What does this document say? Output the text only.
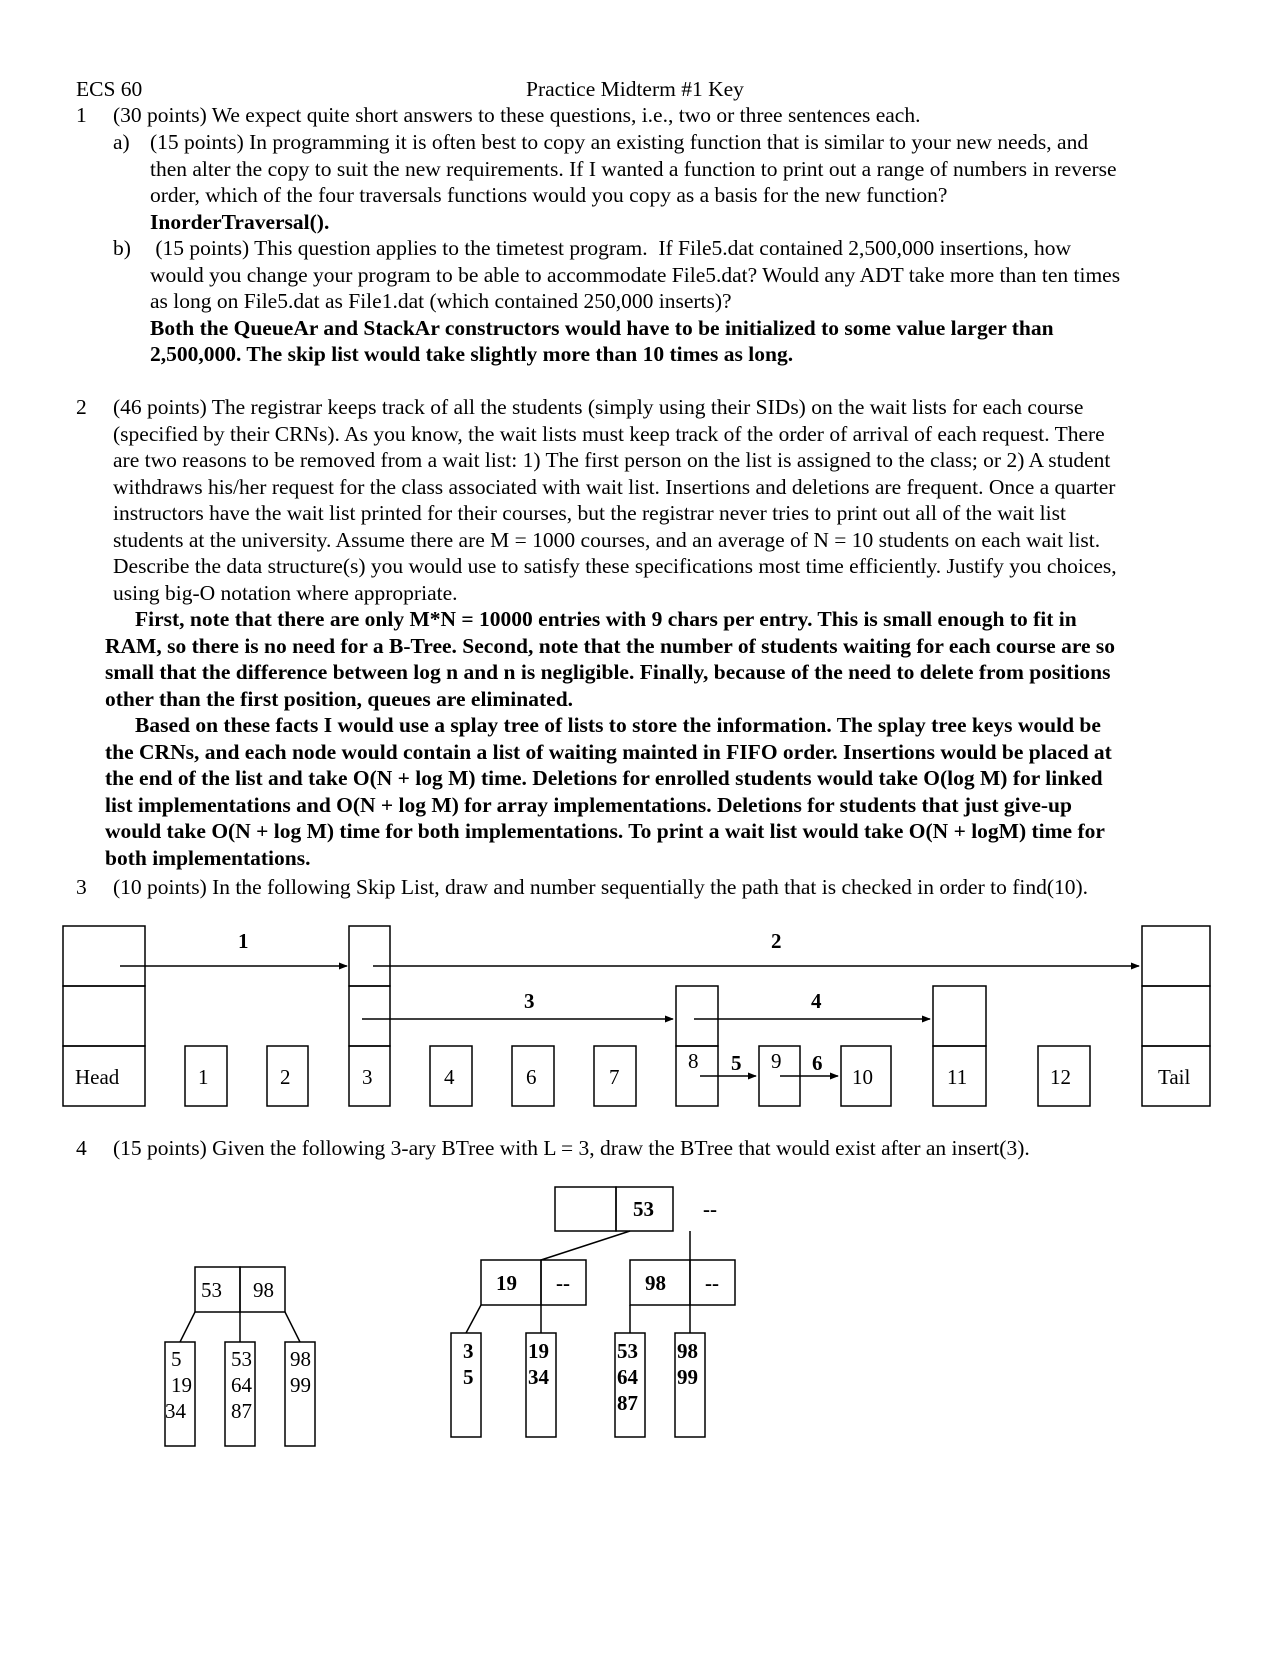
ECS 60	Practice Midterm #1 Key
1 (30 points) We expect quite short answers to these questions, i.e., two or three sentences each.
a) (15 points) In programming it is often best to copy an existing function that is similar to your new needs, and
then alter the copy to suit the new requirements. If I wanted a function to print out a range of numbers in reverse
order, which of the four traversals functions would you copy as a basis for the new function?
InorderTraversal().
b) (15 points) This question applies to the timetest program.  If File5.dat contained 2,500,000 insertions, how
would you change your program to be able to accommodate File5.dat? Would any ADT take more than ten times
as long on File5.dat as File1.dat (which contained 250,000 inserts)?
Both the QueueAr and StackAr constructors would have to be initialized to some value larger than
2,500,000. The skip list would take slightly more than 10 times as long.
2 (46 points) The registrar keeps track of all the students (simply using their SIDs) on the wait lists for each course
(specified by their CRNs). As you know, the wait lists must keep track of the order of arrival of each request. There
are two reasons to be removed from a wait list: 1) The first person on the list is assigned to the class; or 2) A student
withdraws his/her request for the class associated with wait list. Insertions and deletions are frequent. Once a quarter
instructors have the wait list printed for their courses, but the registrar never tries to print out all of the wait list
students at the university. Assume there are M = 1000 courses, and an average of N = 10 students on each wait list.
Describe the data structure(s) you would use to satisfy these specifications most time efficiently. Justify you choices,
using big-O notation where appropriate.
First, note that there are only M*N = 10000 entries with 9 chars per entry. This is small enough to fit in
RAM, so there is no need for a B-Tree. Second, note that the number of students waiting for each course are so
small that the difference between log n and n is negligible. Finally, because of the need to delete from positions
other than the first position, queues are eliminated.
Based on these facts I would use a splay tree of lists to store the information. The splay tree keys would be
the CRNs, and each node would contain a list of waiting mainted in FIFO order. Insertions would be placed at
the end of the list and take O(N + log M) time. Deletions for enrolled students would take O(log M) for linked
list implementations and O(N + log M) for array implementations. Deletions for students that just give-up
would take O(N + log M) time for both implementations. To print a wait list would take O(N + logM) time for
both implementations.
3 (10 points) In the following Skip List, draw and number sequentially the path that is checked in order to find(10).
Head	1	2	3	4	6	7
8	9
10	11	12	Tail
1	2
3	4
5	6
53 98
5
19
34
53
64
87
98
99
53 --
19 --	98 --
3
5
19
34
53
64
87
98
99
4 (15 points) Given the following 3-ary BTree with L = 3, draw the BTree that would exist after an insert(3).
